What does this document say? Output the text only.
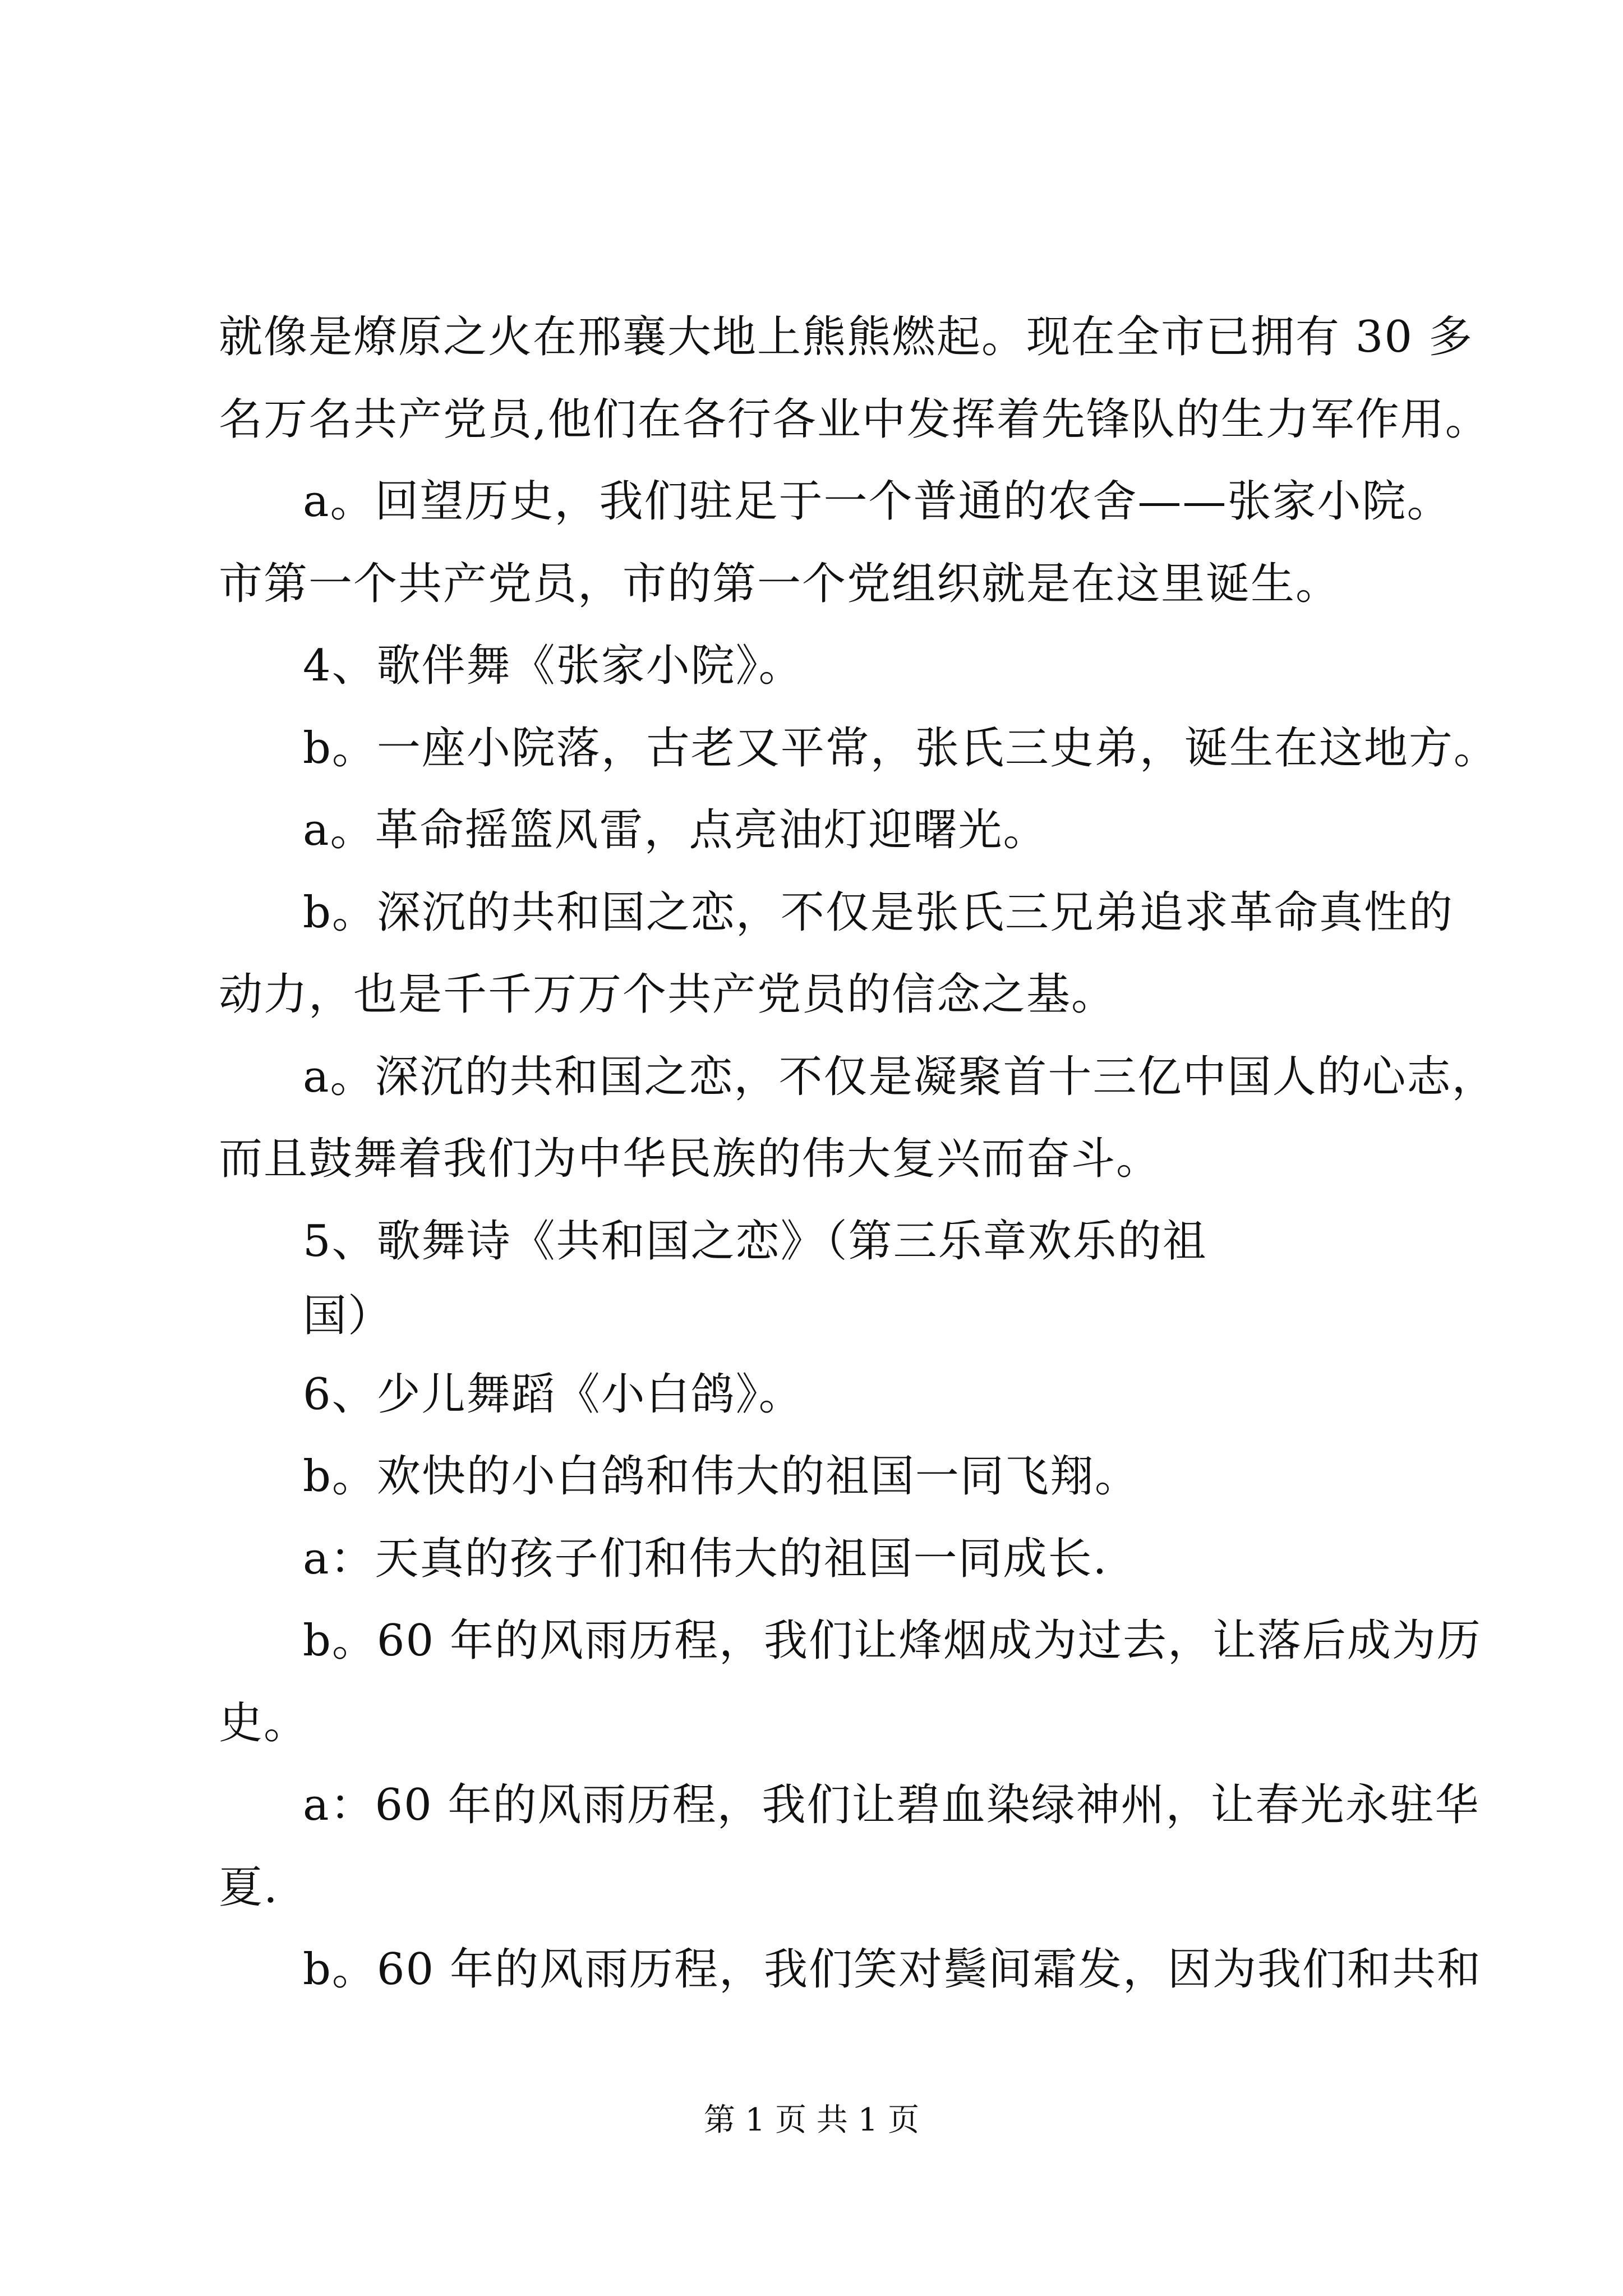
就像是燎原之火在邢襄大地上熊熊燃起。现在全市已拥有 30 多
名万名共产党员,他们在各行各业中发挥着先锋队的生力军作用。
a。回望历史，我们驻足于一个普通的农舍——张家小院。
市第一个共产党员，市的第一个党组织就是在这里诞生。
4、歌伴舞《张家小院》。
b。一座小院落，古老又平常，张氏三史弟，诞生在这地方。
a。革命摇篮风雷，点亮油灯迎曙光。
b。深沉的共和国之恋，不仅是张氏三兄弟追求革命真性的
动力，也是千千万万个共产党员的信念之基。
a。深沉的共和国之恋，不仅是凝聚首十三亿中国人的心志，
而且鼓舞着我们为中华民族的伟大复兴而奋斗。
5、歌舞诗《共和国之恋》（第三乐章欢乐的祖
国）
6、少儿舞蹈《小白鸽》。
b。欢快的小白鸽和伟大的祖国一同飞翔。
a：天真的孩子们和伟大的祖国一同成长.
b。60 年的风雨历程，我们让烽烟成为过去，让落后成为历
史。
a：60 年的风雨历程，我们让碧血染绿神州，让春光永驻华
夏.
b。60 年的风雨历程，我们笑对鬓间霜发，因为我们和共和
第 1 页 共 1 页
